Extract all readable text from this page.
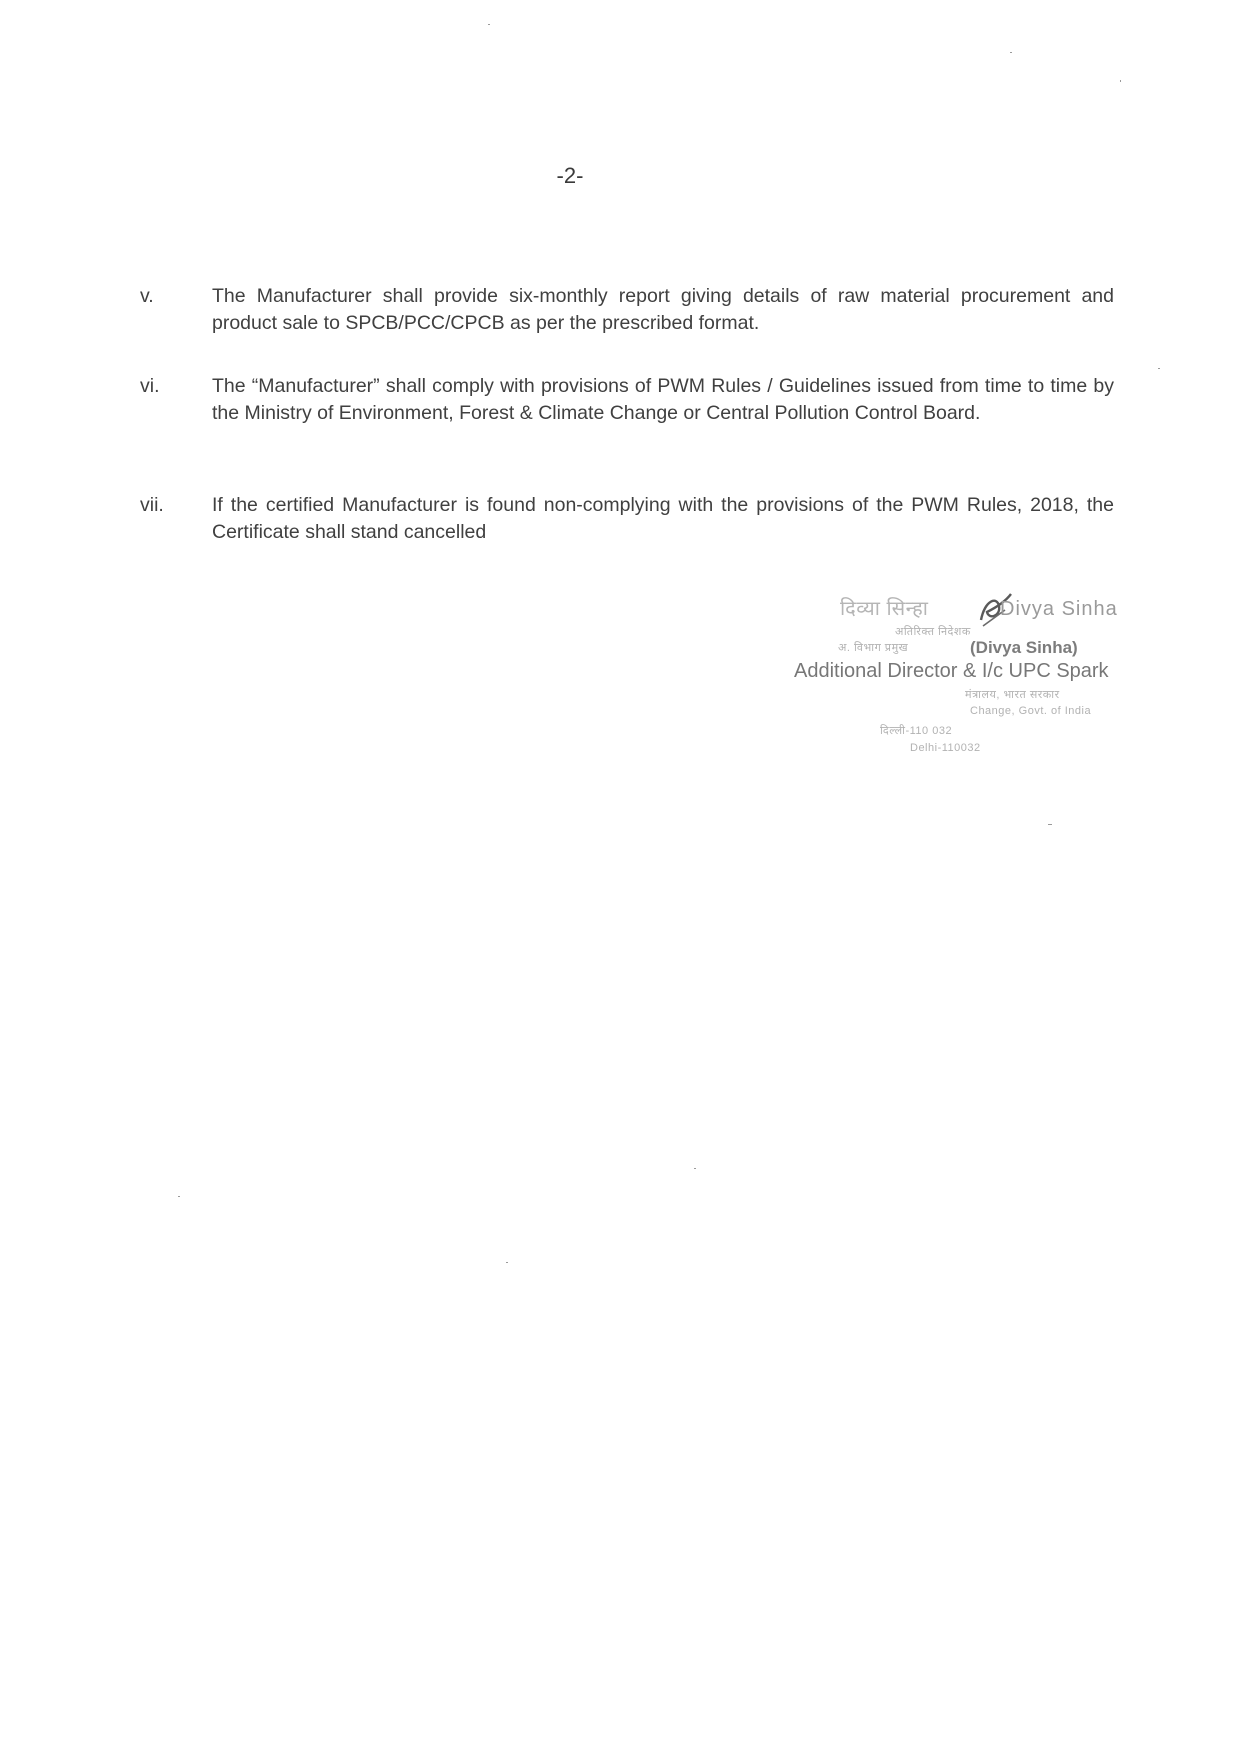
-2-
v.	The Manufacturer shall provide six-monthly report giving details of raw material procurement and product sale to SPCB/PCC/CPCB as per the prescribed format.
vi.	The “Manufacturer” shall comply with provisions of PWM Rules / Guidelines issued from time to time by the Ministry of Environment, Forest & Climate Change or Central Pollution Control Board.
vii.	If the certified Manufacturer is found non-complying with the provisions of the PWM Rules, 2018, the Certificate shall stand cancelled
दिव्या सिन्हा	Divya Sinha
अतिरिक्त निदेशक
अ. विभाग प्रमुख	(Divya Sinha)
Additional Director & I/c UPC Spark
मंत्रालय, भारत सरकार
Change, Govt. of India
दिल्ली-110 032
Delhi-110032
